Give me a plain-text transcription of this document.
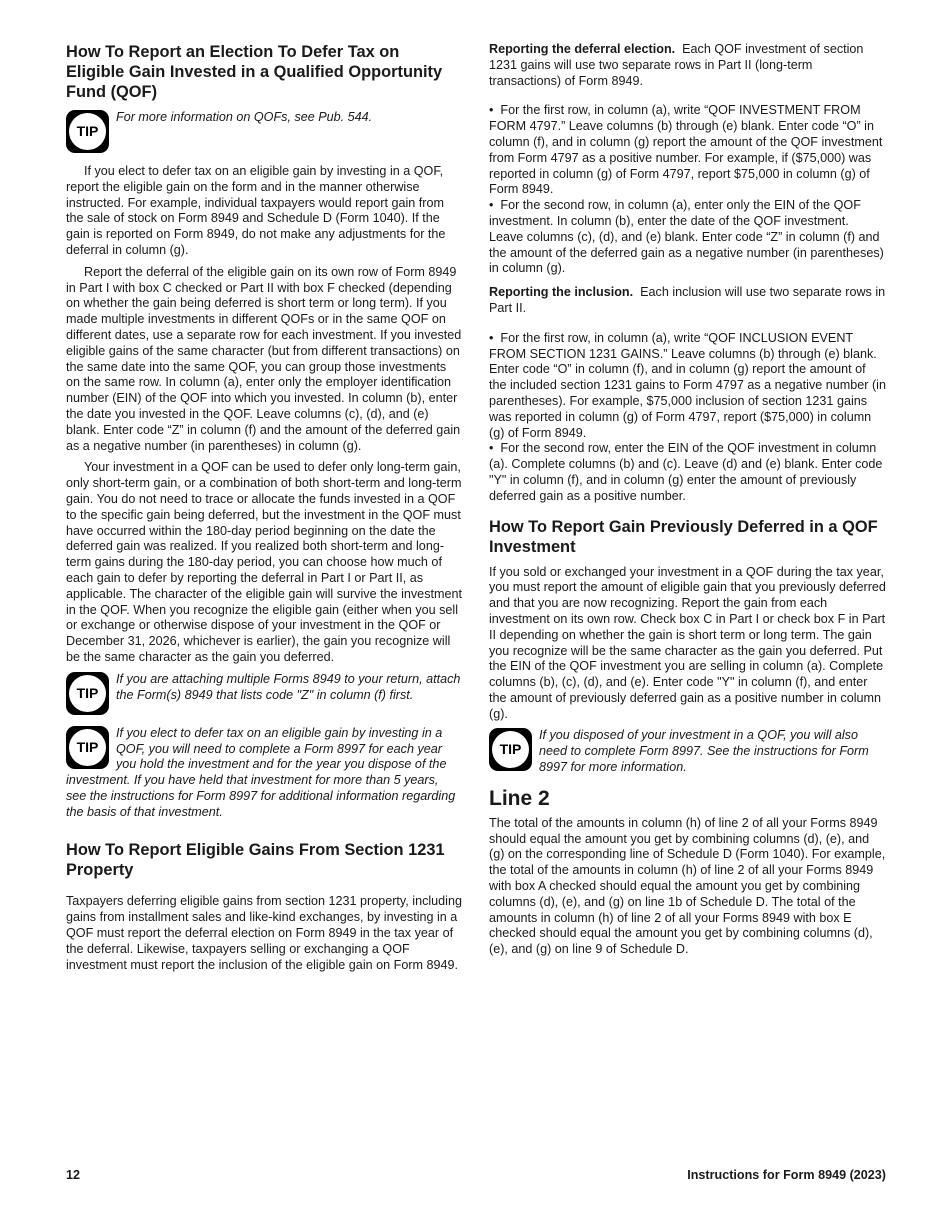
How To Report an Election To Defer Tax on Eligible Gain Invested in a Qualified Opportunity Fund (QOF)
TIP
For more information on QOFs, see Pub. 544.

If you elect to defer tax on an eligible gain by investing in a QOF, report the eligible gain on the form and in the manner otherwise instructed. For example, individual taxpayers would report gain from the sale of stock on Form 8949 and Schedule D (Form 1040). If the gain is reported on Form 8949, do not make any adjustments for the deferral in column (g).

Report the deferral of the eligible gain on its own row of Form 8949 in Part I with box C checked or Part II with box F checked (depending on whether the gain being deferred is short term or long term). If you made multiple investments in different QOFs or in the same QOF on different dates, use a separate row for each investment. If you invested eligible gains of the same character (but from different transactions) on the same date into the same QOF, you can group those investments on the same row. In column (a), enter only the employer identification number (EIN) of the QOF into which you invested. In column (b), enter the date you invested in the QOF. Leave columns (c), (d), and (e) blank. Enter code “Z” in column (f) and the amount of the deferred gain as a negative number (in parentheses) in column (g).

Your investment in a QOF can be used to defer only long-term gain, only short-term gain, or a combination of both short-term and long-term gain. You do not need to trace or allocate the funds invested in a QOF to the specific gain being deferred, but the investment in the QOF must have occurred within the 180-day period beginning on the date the deferred gain was realized. If you realized both short-term and long-term gains during the 180-day period, you can choose how much of each gain to defer by reporting the deferral in Part I or Part II, as applicable. The character of the eligible gain will survive the investment in the QOF. When you recognize the eligible gain (either when you sell or exchange or otherwise dispose of your investment in the QOF or December 31, 2026, whichever is earlier), the gain you recognize will be the same character as the gain you deferred.

TIP
If you are attaching multiple Forms 8949 to your return, attach the Form(s) 8949 that lists code "Z" in column (f) first.
TIP
If you elect to defer tax on an eligible gain by investing in a QOF, you will need to complete a Form 8997 for each year you hold the investment and for the year you dispose of the investment. If you have held that investment for more than 5 years, see the instructions for Form 8997 for additional information regarding the basis of that investment.
How To Report Eligible Gains From Section 1231 Property

Taxpayers deferring eligible gains from section 1231 property, including gains from installment sales and like-kind exchanges, by investing in a QOF must report the deferral election on Form 8949 in the tax year of the deferral. Likewise, taxpayers selling or exchanging a QOF investment must report the inclusion of the eligible gain on Form 8949.

Reporting the deferral election. Each QOF investment of section 1231 gains will use two separate rows in Part II (long-term transactions) of Form 8949.

• For the first row, in column (a), write “QOF INVESTMENT FROM FORM 4797.” Leave columns (b) through (e) blank. Enter code “O” in column (f), and in column (g) report the amount of the QOF investment from Form 4797 as a positive number. For example, if ($75,000) was reported in column (g) of Form 4797, report $75,000 in column (g) of Form 8949.

• For the second row, in column (a), enter only the EIN of the QOF investment. In column (b), enter the date of the QOF investment. Leave columns (c), (d), and (e) blank. Enter code “Z” in column (f) and the amount of the deferred gain as a negative number (in parentheses) in column (g).

Reporting the inclusion. Each inclusion will use two separate rows in Part II.

• For the first row, in column (a), write “QOF INCLUSION EVENT FROM SECTION 1231 GAINS.” Leave columns (b) through (e) blank. Enter code “O” in column (f), and in column (g) report the amount of the included section 1231 gains to Form 4797 as a negative number (in parentheses). For example, $75,000 inclusion of section 1231 gains was reported in column (g) of Form 4797, report ($75,000) in column (g) of Form 8949.

• For the second row, enter the EIN of the QOF investment in column (a). Complete columns (b) and (c). Leave (d) and (e) blank. Enter code "Y" in column (f), and in column (g) enter the amount of previously deferred gain as a positive number.

How To Report Gain Previously Deferred in a QOF Investment

If you sold or exchanged your investment in a QOF during the tax year, you must report the amount of eligible gain that you previously deferred and that you are now recognizing. Report the gain from each investment on its own row. Check box C in Part I or check box F in Part II depending on whether the gain is short term or long term. The gain you recognize will be the same character as the gain you deferred. Put the EIN of the QOF investment you are selling in column (a). Complete columns (b), (c), (d), and (e). Enter code "Y" in column (f), and enter the amount of previously deferred gain as a positive number in column (g).

TIP
If you disposed of your investment in a QOF, you will also need to complete Form 8997. See the instructions for Form 8997 for more information.
Line 2

The total of the amounts in column (h) of line 2 of all your Forms 8949 should equal the amount you get by combining columns (d), (e), and (g) on the corresponding line of Schedule D (Form 1040). For example, the total of the amounts in column (h) of line 2 of all your Forms 8949 with box A checked should equal the amount you get by combining columns (d), (e), and (g) on line 1b of Schedule D. The total of the amounts in column (h) of line 2 of all your Forms 8949 with box E checked should equal the amount you get by combining columns (d), (e), and (g) on line 9 of Schedule D.

12	Instructions for Form 8949 (2023)
